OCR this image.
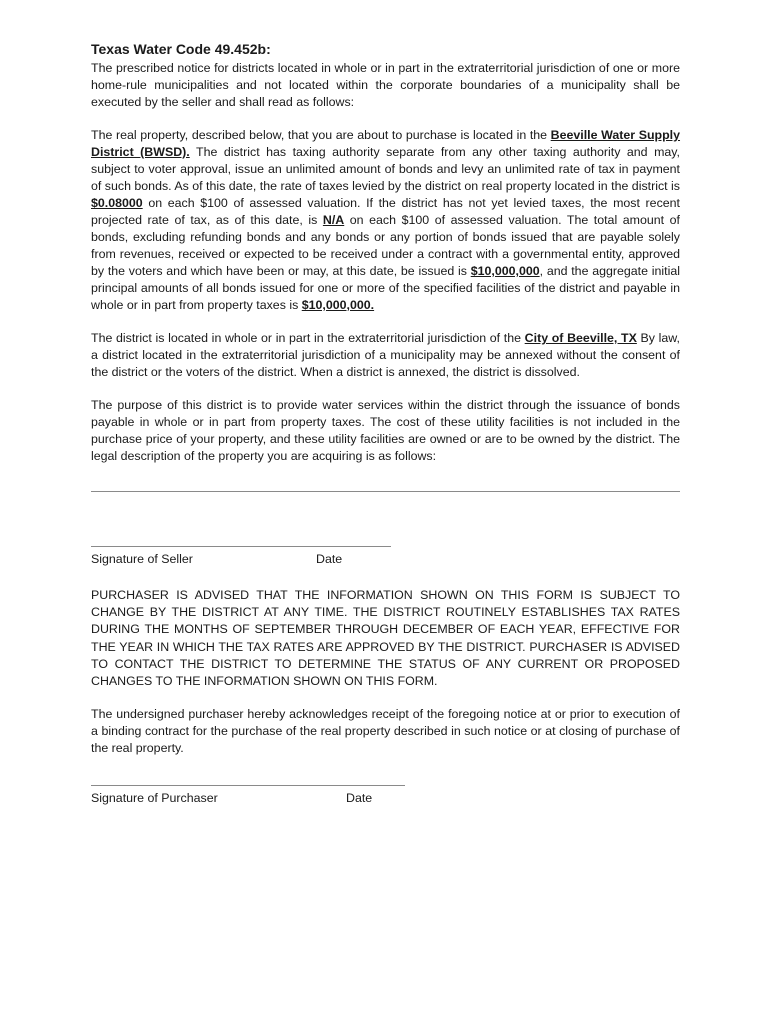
Texas Water Code 49.452b:

The prescribed notice for districts located in whole or in part in the extraterritorial jurisdiction of one or more home-rule municipalities and not located within the corporate boundaries of a municipality shall be executed by the seller and shall read as follows:

The real property, described below, that you are about to purchase is located in the Beeville Water Supply District (BWSD). The district has taxing authority separate from any other taxing authority and may, subject to voter approval, issue an unlimited amount of bonds and levy an unlimited rate of tax in payment of such bonds. As of this date, the rate of taxes levied by the district on real property located in the district is $0.08000 on each $100 of assessed valuation. If the district has not yet levied taxes, the most recent projected rate of tax, as of this date, is N/A on each $100 of assessed valuation. The total amount of bonds, excluding refunding bonds and any bonds or any portion of bonds issued that are payable solely from revenues, received or expected to be received under a contract with a governmental entity, approved by the voters and which have been or may, at this date, be issued is $10,000,000, and the aggregate initial principal amounts of all bonds issued for one or more of the specified facilities of the district and payable in whole or in part from property taxes is $10,000,000.

The district is located in whole or in part in the extraterritorial jurisdiction of the City of Beeville, TX By law, a district located in the extraterritorial jurisdiction of a municipality may be annexed without the consent of the district or the voters of the district. When a district is annexed, the district is dissolved.

The purpose of this district is to provide water services within the district through the issuance of bonds payable in whole or in part from property taxes. The cost of these utility facilities is not included in the purchase price of your property, and these utility facilities are owned or are to be owned by the district. The legal description of the property you are acquiring is as follows:

Signature of Seller	Date

PURCHASER IS ADVISED THAT THE INFORMATION SHOWN ON THIS FORM IS SUBJECT TO CHANGE BY THE DISTRICT AT ANY TIME. THE DISTRICT ROUTINELY ESTABLISHES TAX RATES DURING THE MONTHS OF SEPTEMBER THROUGH DECEMBER OF EACH YEAR, EFFECTIVE FOR THE YEAR IN WHICH THE TAX RATES ARE APPROVED BY THE DISTRICT. PURCHASER IS ADVISED TO CONTACT THE DISTRICT TO DETERMINE THE STATUS OF ANY CURRENT OR PROPOSED CHANGES TO THE INFORMATION SHOWN ON THIS FORM.

The undersigned purchaser hereby acknowledges receipt of the foregoing notice at or prior to execution of a binding contract for the purchase of the real property described in such notice or at closing of purchase of the real property.

Signature of Purchaser	Date
